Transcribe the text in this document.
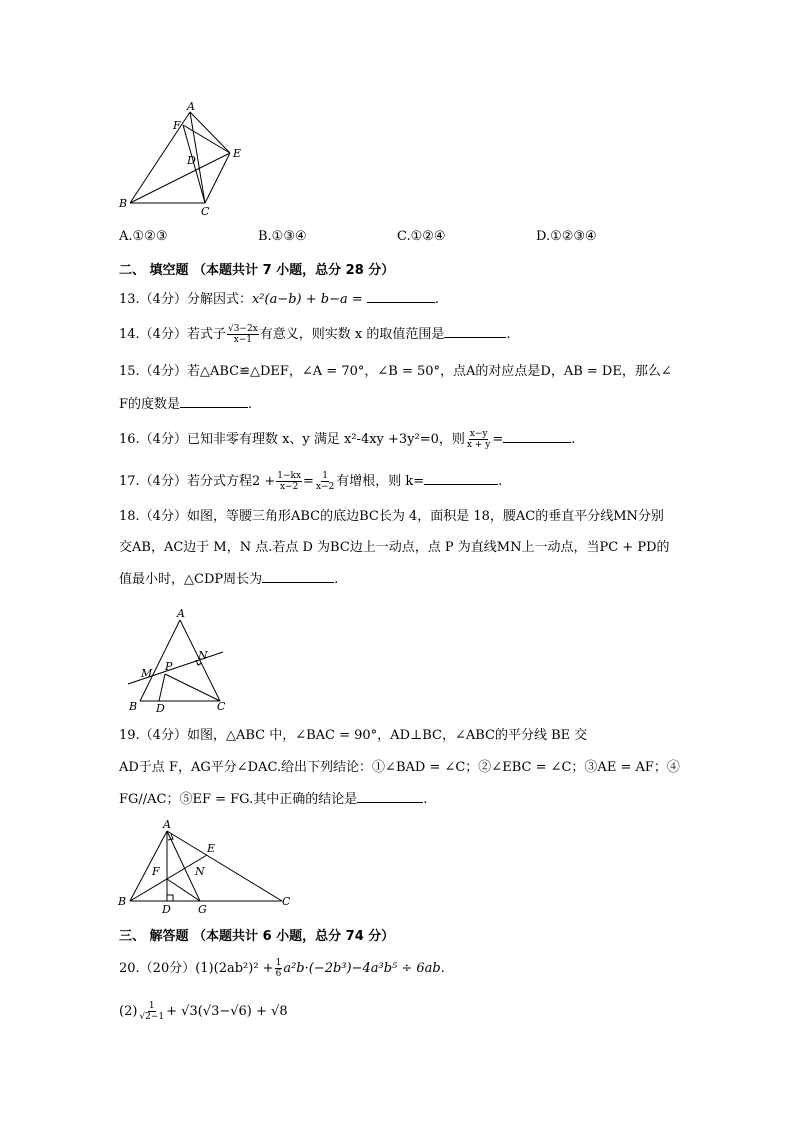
A
F
E
D
B
C
A.①②③	B.①③④	C.①②④	D.①②③④
二、 填空题 （本题共计 7 小题，总分 28 分）
13.（4分）分解因式：x²(a−b) + b−a =	.
14.（4分）若式子 $\frac{√3-2x}{x-1}$ 有意义，则实数 x 的取值范围是	.
15.（4分）若△ABC≌△DEF，∠A = 70°，∠B = 50°，点A的对应点是D，AB = DE，那么∠
F的度数是	.
16.（4分）已知非零有理数 x、y 满足 x²-4xy +3y²=0，则 $\frac{x-y}{x + y}$ =	.
17.（4分）若分式方程$2 + \frac{1-kx}{x-2} = \frac{1}{x-2}$ 有增根，则 k=	.
18.（4分）如图，等腰三角形ABC的底边BC长为 4，面积是 18，腰AC的垂直平分线MN分别
交AB，AC边于 M，N 点.若点 D 为BC边上一动点，点 P 为直线MN上一动点，当PC + PD的
值最小时，△CDP周长为	.
A
N
M
P
B D	C
19.（4分）如图，△ABC 中，∠BAC = 90°，AD⊥BC，∠ABC的平分线 BE 交
AD于点 F，AG平分∠DAC.给出下列结论：①∠BAD = ∠C；②∠EBC = ∠C；③AE = AF；④
FG//AC；⑤EF = FG.其中正确的结论是	.
A
E
F	N
B
D G
C
三、 解答题 （本题共计 6 小题，总分 74 分）
20.（20分）$(1)(2ab^2)^2 + \frac{1}{6} a^2b\cdot(-2b^3)-4a^3b^5 \div 6ab$.
$(2) \frac{1}{√2-1} + √3(√3-√6) + √8$
